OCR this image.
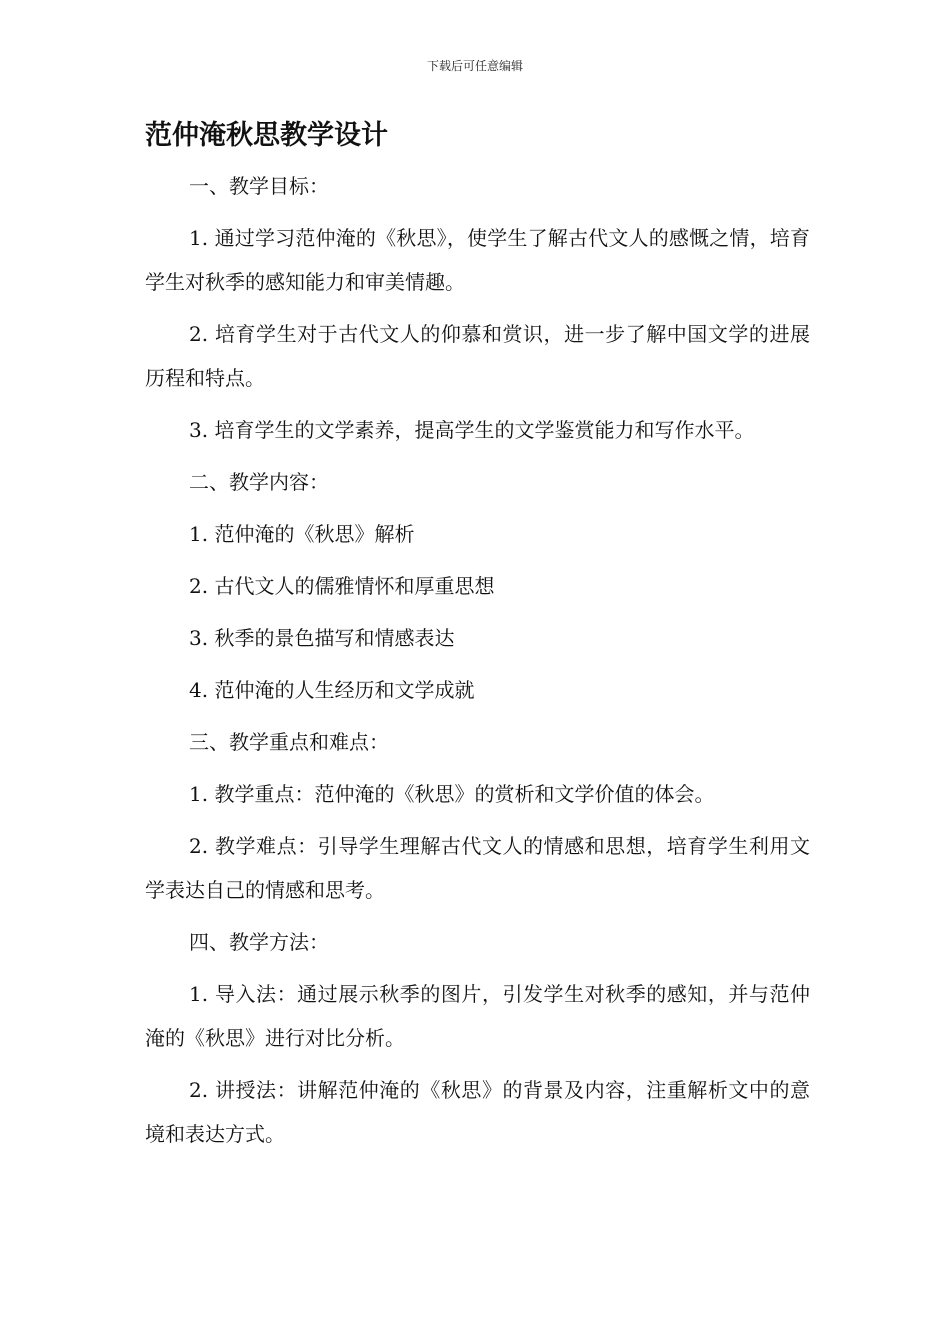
下载后可任意编辑
范仲淹秋思教学设计

一、教学目标：

1. 通过学习范仲淹的《秋思》，使学生了解古代文人的感慨之情，培育学生对秋季的感知能力和审美情趣。

2. 培育学生对于古代文人的仰慕和赏识，进一步了解中国文学的进展历程和特点。

3. 培育学生的文学素养，提高学生的文学鉴赏能力和写作水平。

二、教学内容：

1. 范仲淹的《秋思》解析

2. 古代文人的儒雅情怀和厚重思想

3. 秋季的景色描写和情感表达

4. 范仲淹的人生经历和文学成就

三、教学重点和难点：

1. 教学重点：范仲淹的《秋思》的赏析和文学价值的体会。

2. 教学难点：引导学生理解古代文人的情感和思想，培育学生利用文学表达自己的情感和思考。

四、教学方法：

1. 导入法：通过展示秋季的图片，引发学生对秋季的感知，并与范仲淹的《秋思》进行对比分析。

2. 讲授法：讲解范仲淹的《秋思》的背景及内容，注重解析文中的意境和表达方式。
